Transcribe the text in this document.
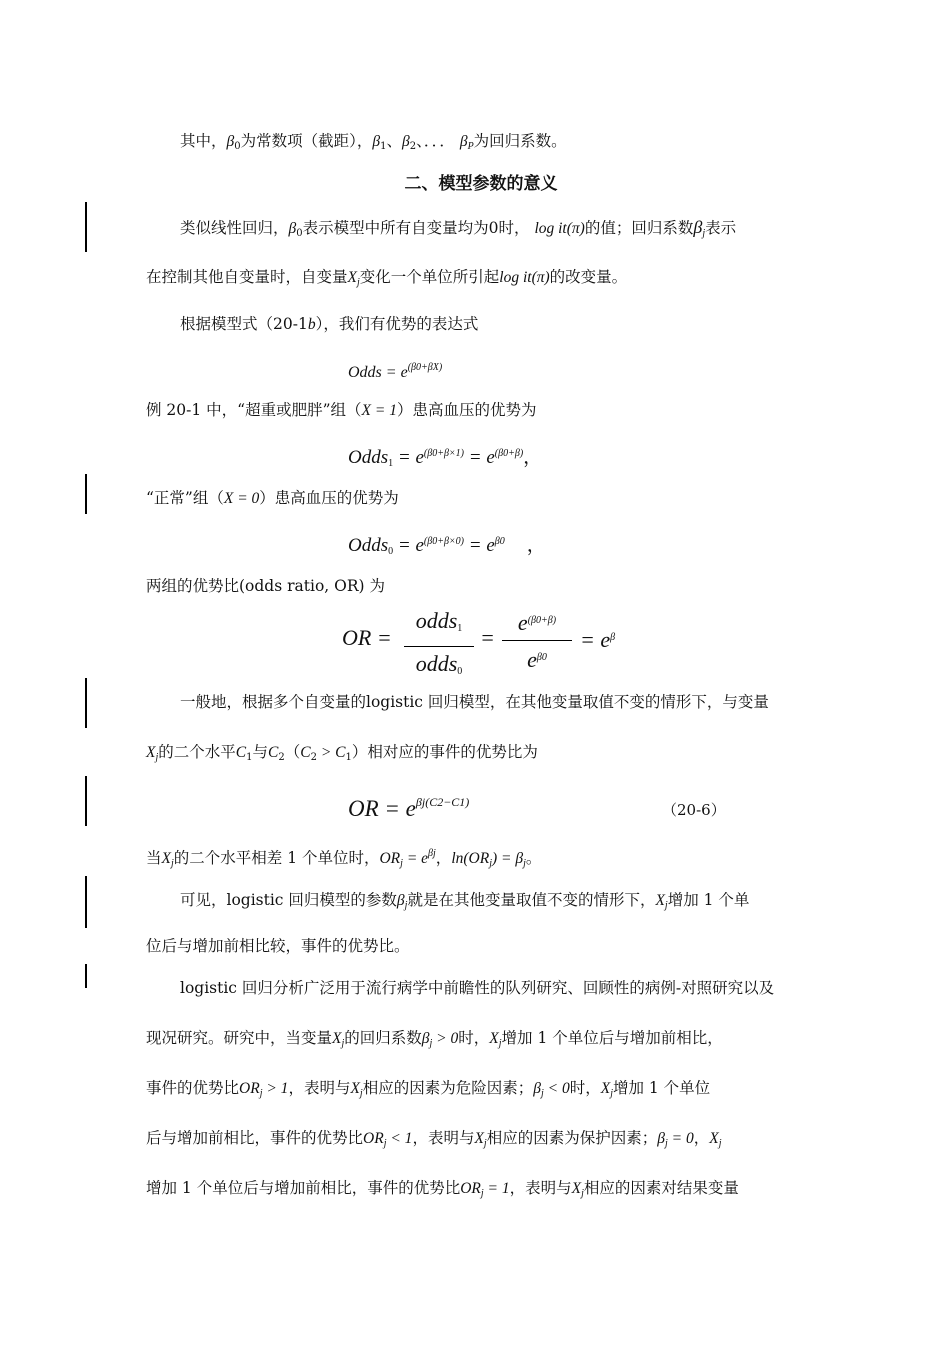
其中，$\beta_0$为常数项（截距），$\beta_1$、$\beta_2$、．．． $\beta_P$为回归系数。
二、模型参数的意义
类似线性回归，$\beta_0$表示模型中所有自变量均为0时， log it(π)的值；回归系数$\beta_j$表示
在控制其他自变量时，自变量$X_j$变化一个单位所引起log it(π)的改变量。
根据模型式（20-1b），我们有优势的表达式
Odds = $e^{(\beta 0+\beta X)}$
例 20-1 中，“超重或肥胖”组（X = 1）患高血压的优势为
Odds$_1$ = $e^{(\beta 0+\beta\times 1)} = e^{(\beta 0+\beta)}$，
“正常”组（X = 0）患高血压的优势为
Odds$_0$ = $e^{(\beta 0+\beta\times 0)} = e^{\beta 0}$ ，
两组的优势比(odds ratio, OR) 为
OR =
odds$_1$
odds$_0$
=
$e^{(\beta 0+\beta)}$
$e^{\beta 0}$
= $e^\beta$
一般地，根据多个自变量的logistic 回归模型，在其他变量取值不变的情形下，与变量
$X_j$的二个水平$C_1$与$C_2(C_2 > C_1)$相对应的事件的优势比为
OR = $e^{\beta j(C2-C1)}$	（20-6）
当$X_j$的二个水平相差 1 个单位时，$OR_j = e^{\beta j}$，$\ln(OR_j) = \beta_j$。
可见，logistic 回归模型的参数$\beta_j$就是在其他变量取值不变的情形下，$X_j$增加 1 个单
位后与增加前相比较，事件的优势比。
logistic 回归分析广泛用于流行病学中前瞻性的队列研究、回顾性的病例-对照研究以及
现况研究。研究中，当变量$X_j$的回归系数$\beta_j > 0$时，$X_j$增加 1 个单位后与增加前相比，
事件的优势比$OR_j > 1$，表明与$X_j$相应的因素为危险因素；$\beta_j < 0$时，$X_j$增加 1 个单位
后与增加前相比，事件的优势比$OR_j < 1$，表明与$X_j$相应的因素为保护因素；$\beta_j = 0$，$X_j$
增加 1 个单位后与增加前相比，事件的优势比$OR_j = 1$，表明与$X_j$相应的因素对结果变量
